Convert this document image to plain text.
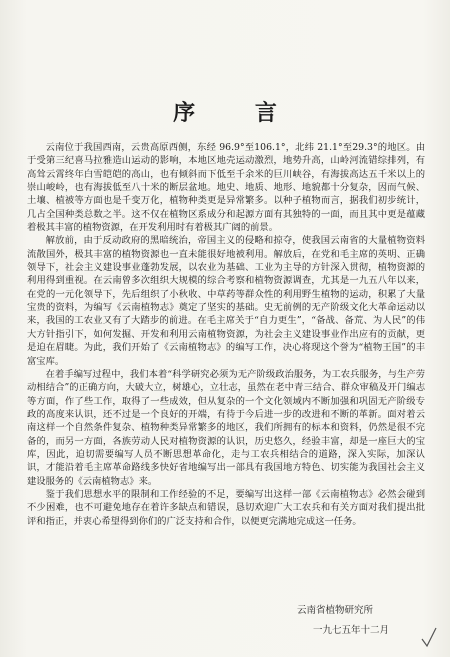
序 言

云南位于我国西南，云贵高原西侧，东经 96.9°至106.1°，北纬 21.1°至29.3°的地区。由于受第三纪喜马拉雅造山运动的影响，本地区地壳运动激烈，地势升高，山岭河流错综排列，有高耸云霄终年白雪皑皑的高山，也有倾斜而下低至千余米的巨川峡谷，有海拔高达五千米以上的崇山峻岭，也有海拔低至八十米的断层盆地。地史、地质、地形、地貌都十分复杂，因而气候、土壤、植被等方面也是千变万化，植物种类更是异常繁多。以种子植物而言，据我们初步统计，几占全国种类总数之半。这不仅在植物区系成分和起源方面有其独特的一面，而且其中更是蕴藏着极其丰富的植物资源，在开发利用时有着极其广阔的前景。

解放前，由于反动政府的黑暗统治，帝国主义的侵略和掠夺，使我国云南省的大量植物资料流散国外，极其丰富的植物资源也一直未能很好地被利用。解放后，在党和毛主席的英明、正确领导下，社会主义建设事业蓬勃发展，以农业为基础、工业为主导的方针深入贯彻，植物资源的利用得到重视。在云南曾多次组织大规模的综合考察和植物资源调查，尤其是一九五八年以来，在党的一元化领导下，先后组织了小秋收、中草药等群众性的利用野生植物的运动，积累了大量宝贵的资料，为编写《云南植物志》奠定了坚实的基础。史无前例的无产阶级文化大革命运动以来，我国的工农业又有了大踏步的前进。在毛主席关于“自力更生”，“备战、备荒、为人民”的伟大方针指引下，如何发掘、开发和利用云南植物资源，为社会主义建设事业作出应有的贡献，更是迫在眉睫。为此，我们开始了《云南植物志》的编写工作，决心将现这个誉为“植物王国”的丰富宝库。

在着手编写过程中，我们本着“科学研究必须为无产阶级政治服务，为工农兵服务，与生产劳动相结合”的正确方向，大破大立，树雄心，立壮志，虽然在老中青三结合、群众审稿及开门编志等方面，作了些工作，取得了一些成效，但从复杂的一个文化领域内不断加强和巩固无产阶级专政的高度来认识，还不过是一个良好的开端，有待于今后进一步的改进和不断的革新。面对着云南这样一个自然条件复杂、植物种类异常繁多的地区，我们所拥有的标本和资料，仍然是很不完备的，而另一方面，各族劳动人民对植物资源的认识，历史悠久，经验丰富，却是一座巨大的宝库，因此，迫切需要编写人员不断思想革命化，走与工农兵相结合的道路，深入实际，加深认识，才能沿着毛主席革命路线多快好省地编写出一部具有我国地方特色、切实能为我国社会主义建设服务的《云南植物志》来。

鉴于我们思想水平的限制和工作经验的不足，要编写出这样一部《云南植物志》必然会碰到不少困难，也不可避免地存在着许多缺点和错误，恳切欢迎广大工农兵和有关方面对我们提出批评和指正，并衷心希望得到你们的广泛支持和合作，以便更完满地完成这一任务。

云南省植物研究所
一九七五年十二月
